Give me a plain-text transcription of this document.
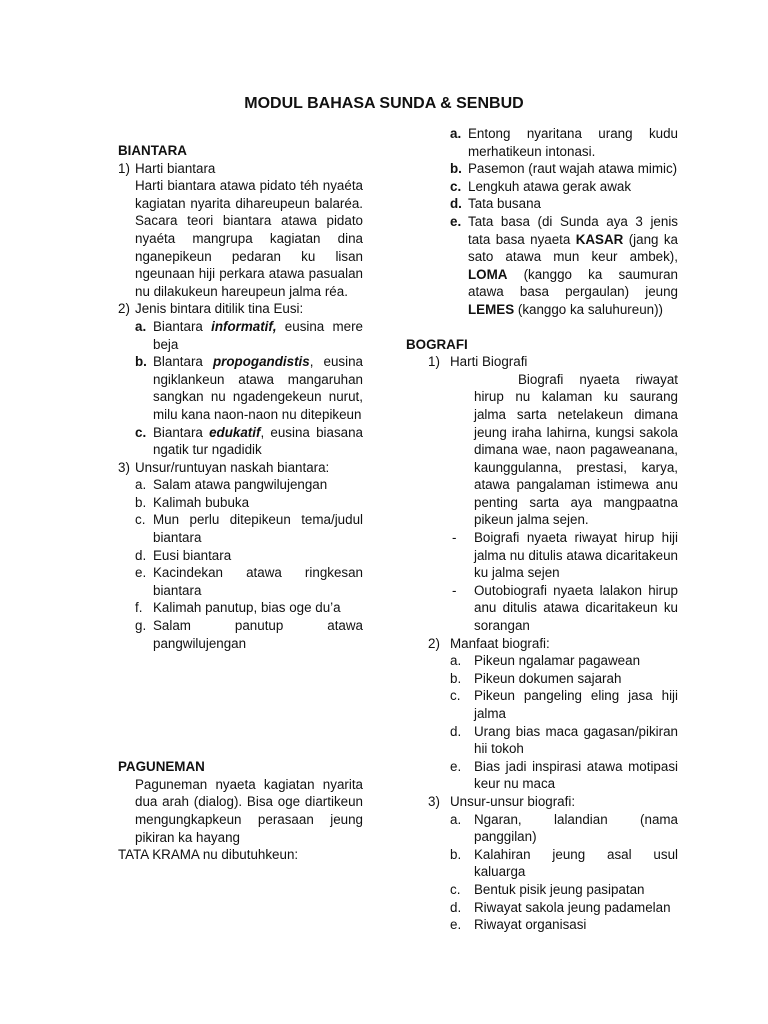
MODUL BAHASA SUNDA & SENBUD
BIANTARA
1) Harti biantara
Harti biantara atawa pidato téh nyaéta kagiatan nyarita dihareupeun balaréa. Sacara teori biantara atawa pidato nyaéta mangrupa kagiatan dina nganepikeun pedaran ku lisan ngeunaan hiji perkara atawa pasualan nu dilakukeun hareupeun jalma réa.
2) Jenis bintara ditilik tina Eusi:
a. Biantara informatif, eusina mere beja
b. Blantara propogandistis, eusina ngiklankeun atawa mangaruhan sangkan nu ngadengekeun nurut, milu kana naon-naon nu ditepikeun
c. Biantara edukatif, eusina biasana ngatik tur ngadidik
3) Unsur/runtuyan naskah biantara:
a. Salam atawa pangwilujengan
b. Kalimah bubuka
c. Mun perlu ditepikeun tema/judul biantara
d. Eusi biantara
e. Kacindekan atawa ringkesan biantara
f. Kalimah panutup, bias oge du’a
g. Salam panutup atawa pangwilujengan
PAGUNEMAN
Paguneman nyaeta kagiatan nyarita dua arah (dialog). Bisa oge diartikeun mengungkapkeun perasaan jeung pikiran ka hayang
TATA KRAMA nu dibutuhkeun:
a. Entong nyaritana urang kudu merhatikeun intonasi.
b. Pasemon (raut wajah atawa mimic)
c. Lengkuh atawa gerak awak
d. Tata busana
e. Tata basa (di Sunda aya 3 jenis tata basa nyaeta KASAR (jang ka sato atawa mun keur ambek), LOMA (kanggo ka saumuran atawa basa pergaulan) jeung LEMES (kanggo ka saluhureun))
BOGRAFI
1) Harti Biografi
Biografi nyaeta riwayat hirup nu kalaman ku saurang jalma sarta netelakeun dimana jeung iraha lahirna, kungsi sakola dimana wae, naon pagaweanana, kaunggulanna, prestasi, karya, atawa pangalaman istimewa anu penting sarta aya mangpaatna pikeun jalma sejen.
- Boigrafi nyaeta riwayat hirup hiji jalma nu ditulis atawa dicaritakeun ku jalma sejen
- Outobiografi nyaeta lalakon hirup anu ditulis atawa dicaritakeun ku sorangan
2) Manfaat biografi:
a. Pikeun ngalamar pagawean
b. Pikeun dokumen sajarah
c. Pikeun pangeling eling jasa hiji jalma
d. Urang bias maca gagasan/pikiran hii tokoh
e. Bias jadi inspirasi atawa motipasi keur nu maca
3) Unsur-unsur biografi:
a. Ngaran, lalandian (nama panggilan)
b. Kalahiran jeung asal usul kaluarga
c. Bentuk pisik jeung pasipatan
d. Riwayat sakola jeung padamelan
e. Riwayat organisasi
